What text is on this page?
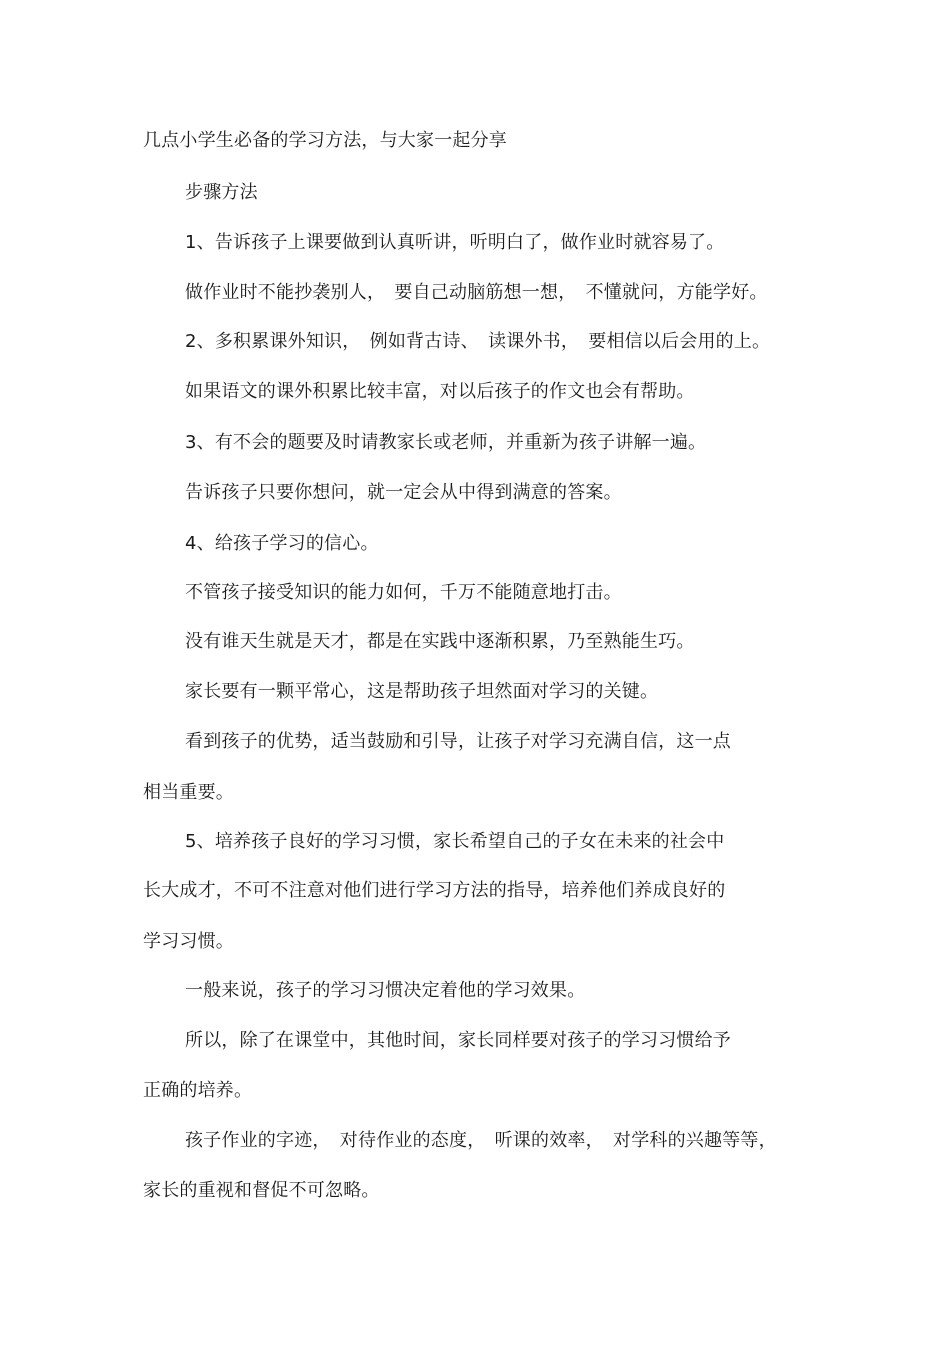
几点小学生必备的学习方法，与大家一起分享
步骤方法
1、告诉孩子上课要做到认真听讲，听明白了，做作业时就容易了。
做作业时不能抄袭别人，　要自己动脑筋想一想，　不懂就问，方能学好。
2、多积累课外知识，　例如背古诗、　读课外书，　要相信以后会用的上。
如果语文的课外积累比较丰富，对以后孩子的作文也会有帮助。
3、有不会的题要及时请教家长或老师，并重新为孩子讲解一遍。
告诉孩子只要你想问，就一定会从中得到满意的答案。
4、给孩子学习的信心。
不管孩子接受知识的能力如何，千万不能随意地打击。
没有谁天生就是天才，都是在实践中逐渐积累，乃至熟能生巧。
家长要有一颗平常心，这是帮助孩子坦然面对学习的关键。
看到孩子的优势，适当鼓励和引导，让孩子对学习充满自信，这一点
相当重要。
5、培养孩子良好的学习习惯，家长希望自己的子女在未来的社会中
长大成才，不可不注意对他们进行学习方法的指导，培养他们养成良好的
学习习惯。
一般来说，孩子的学习习惯决定着他的学习效果。
所以，除了在课堂中，其他时间，家长同样要对孩子的学习习惯给予
正确的培养。
孩子作业的字迹，　对待作业的态度，　听课的效率，　对学科的兴趣等等，
家长的重视和督促不可忽略。
